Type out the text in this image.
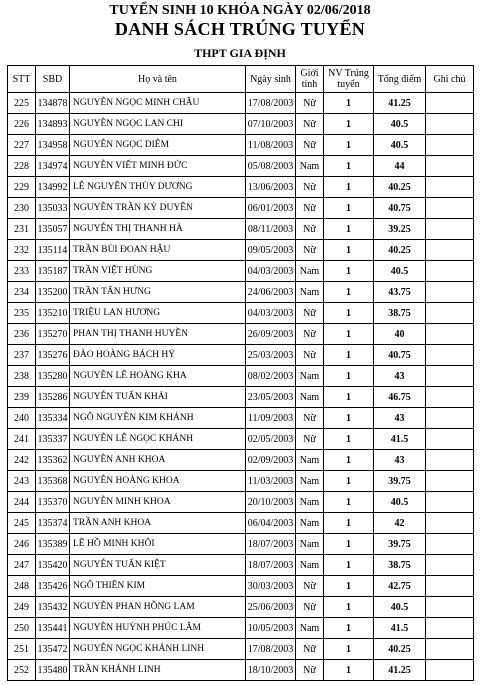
TUYỂN SINH 10 KHÓA NGÀY 02/06/2018
DANH SÁCH TRÚNG TUYỂN
THPT GIA ĐỊNH
STT	SBD	Họ và tên	Ngày sinh	Giới tính	NV Trúng tuyển	Tổng điểm	Ghi chú
225	134878	NGUYỄN NGỌC MINH CHÂU	17/08/2003	Nữ	1	41.25	
226	134893	NGUYỄN NGỌC LAN CHI	07/10/2003	Nữ	1	40.5	
227	134958	NGUYỄN NGỌC DIỄM	11/08/2003	Nữ	1	40.5	
228	134974	NGUYỄN VIẾT MINH ĐỨC	05/08/2003	Nam	1	44	
229	134992	LÊ NGUYỄN THÙY DƯƠNG	13/06/2003	Nữ	1	40.25	
230	135033	NGUYỄN TRẦN KỲ DUYÊN	06/01/2003	Nữ	1	40.75	
231	135057	NGUYỄN THỊ THANH HÀ	08/11/2003	Nữ	1	39.25	
232	135114	TRẦN BÙI ĐOAN HẬU	09/05/2003	Nữ	1	40.25	
233	135187	TRẦN VIỆT HÙNG	04/03/2003	Nam	1	40.5	
234	135200	TRẦN TẤN HƯNG	24/06/2003	Nam	1	43.75	
235	135210	TRIỆU LAN HƯƠNG	04/03/2003	Nữ	1	38.75	
236	135270	PHAN THỊ THANH HUYỀN	26/09/2003	Nữ	1	40	
237	135276	ĐÀO HOÀNG BÁCH HỶ	25/03/2003	Nữ	1	40.75	
238	135280	NGUYỄN LÊ HOÀNG KHA	08/02/2003	Nam	1	43	
239	135286	NGUYỄN TUẤN KHẢI	23/05/2003	Nam	1	46.75	
240	135334	NGÔ NGUYỄN KIM KHÁNH	11/09/2003	Nữ	1	43	
241	135337	NGUYỄN LÊ NGỌC KHÁNH	02/05/2003	Nữ	1	41.5	
242	135362	NGUYỄN ANH KHOA	02/09/2003	Nam	1	43	
243	135368	NGUYỄN HOÀNG KHOA	11/03/2003	Nam	1	39.75	
244	135370	NGUYỄN MINH KHOA	20/10/2003	Nam	1	40.5	
245	135374	TRẦN ANH KHOA	06/04/2003	Nam	1	42	
246	135389	LÊ HỒ MINH KHÔI	18/07/2003	Nam	1	39.75	
247	135420	NGUYỄN TUẤN KIỆT	18/07/2003	Nam	1	38.75	
248	135426	NGÔ THIÊN KIM	30/03/2003	Nữ	1	42.75	
249	135432	NGUYỄN PHAN HỒNG LAM	25/06/2003	Nữ	1	40.5	
250	135441	NGUYỄN HUỲNH PHÚC LÂM	10/05/2003	Nam	1	41.5	
251	135472	NGUYỄN NGỌC KHÁNH LINH	17/08/2003	Nữ	1	40.25	
252	135480	TRẦN KHÁNH LINH	18/10/2003	Nữ	1	41.25	
